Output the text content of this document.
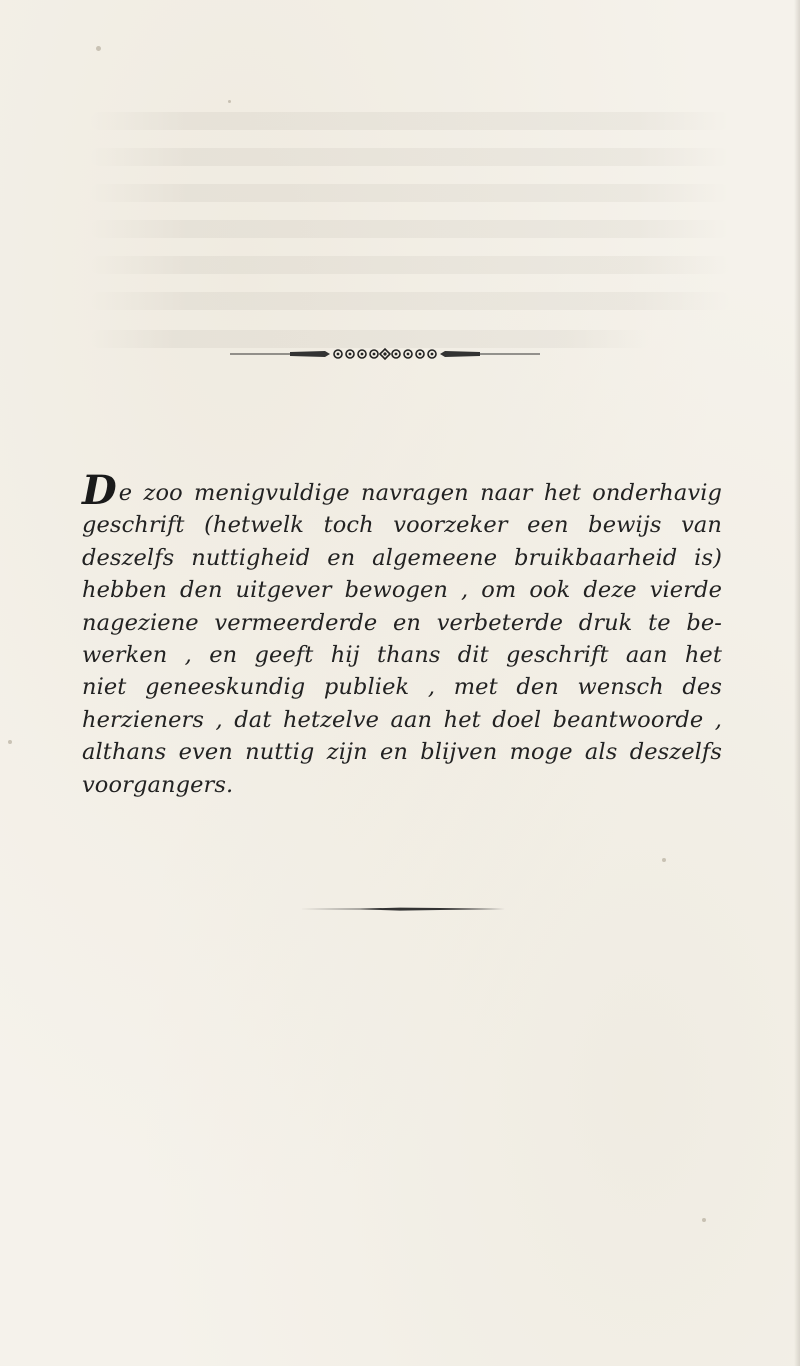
De zoo menigvuldige navragen naar het onderhavig
geschrift (hetwelk toch voorzeker een bewijs van
deszelfs nuttigheid en algemeene bruikbaarheid is)
hebben den uitgever bewogen , om ook deze vierde
nageziene vermeerderde en verbeterde druk te be-
werken , en geeft hij thans dit geschrift aan het
niet geneeskundig publiek , met den wensch des
herzieners , dat hetzelve aan het doel beantwoorde ,
althans even nuttig zijn en blijven moge als deszelfs
voorgangers.
